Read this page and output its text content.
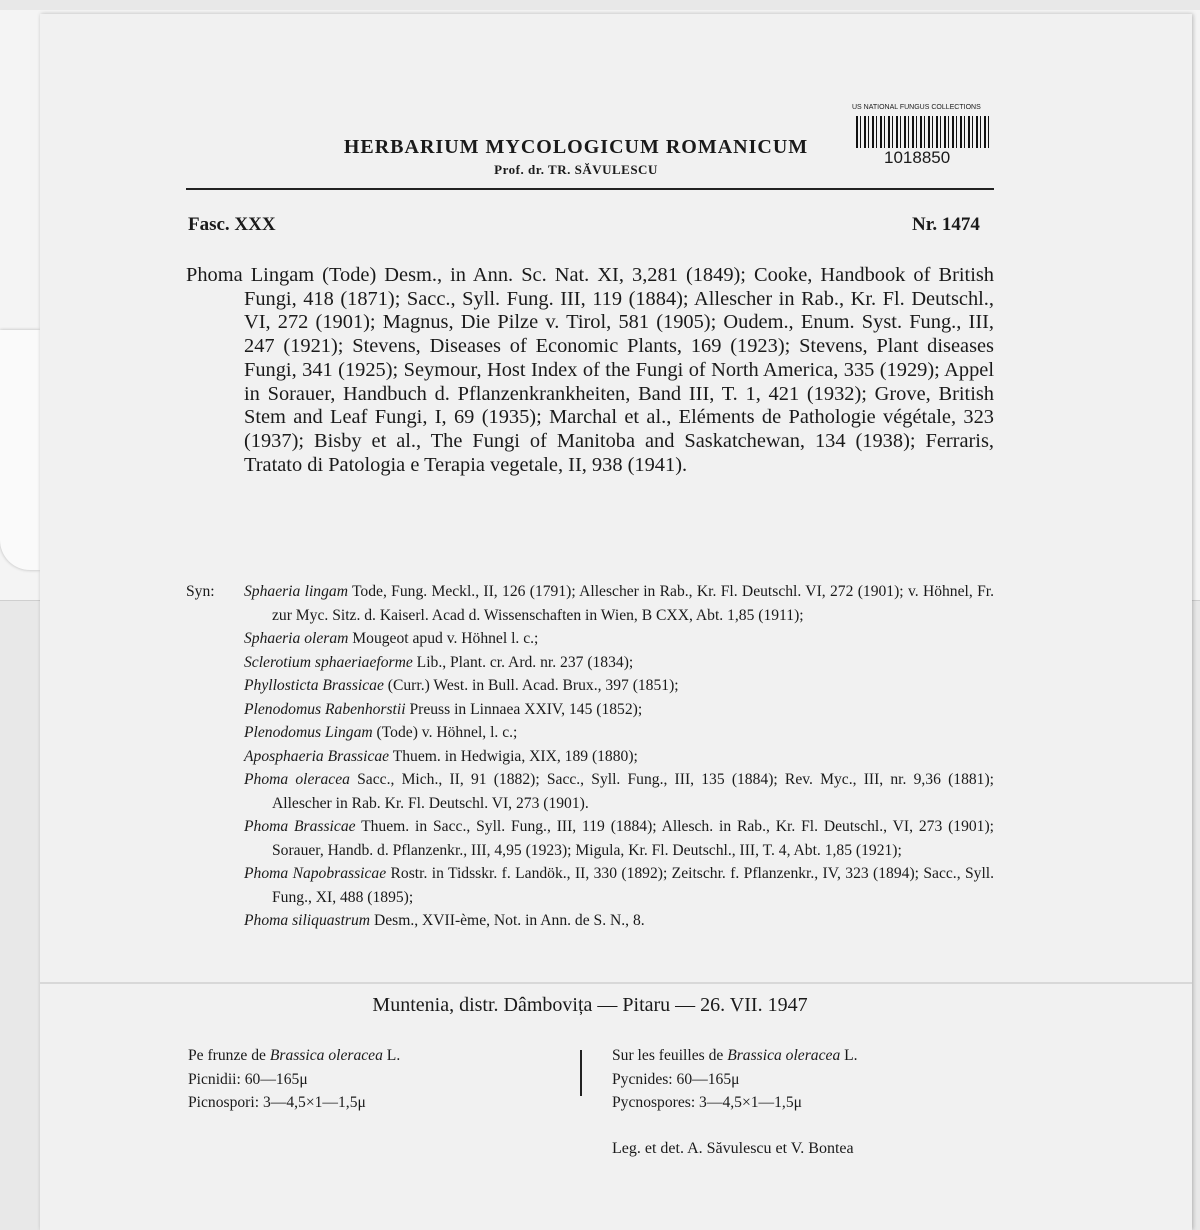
HERBARIUM MYCOLOGICUM ROMANICUM
Prof. dr. TR. SĂVULESCU
US NATIONAL FUNGUS COLLECTIONS
1018850
Fasc. XXX	Nr. 1474
Phoma Lingam (Tode) Desm., in Ann. Sc. Nat. XI, 3,281 (1849); Cooke, Handbook of British Fungi, 418 (1871); Sacc., Syll. Fung. III, 119 (1884); Allescher in Rab., Kr. Fl. Deutschl., VI, 272 (1901); Magnus, Die Pilze v. Tirol, 581 (1905); Oudem., Enum. Syst. Fung., III, 247 (1921); Stevens, Diseases of Economic Plants, 169 (1923); Stevens, Plant diseases Fungi, 341 (1925); Seymour, Host Index of the Fungi of North America, 335 (1929); Appel in Sorauer, Handbuch d. Pflanzenkrankheiten, Band III, T. 1, 421 (1932); Grove, British Stem and Leaf Fungi, I, 69 (1935); Marchal et al., Eléments de Pathologie végétale, 323 (1937); Bisby et al., The Fungi of Manitoba and Saskatchewan, 134 (1938); Ferraris, Tratato di Patologia e Terapia vegetale, II, 938 (1941).
Syn: Sphaeria lingam Tode, Fung. Meckl., II, 126 (1791); Allescher in Rab., Kr. Fl. Deutschl. VI, 272 (1901); v. Höhnel, Fr. zur Myc. Sitz. d. Kaiserl. Acad d. Wissenschaften in Wien, B CXX, Abt. 1,85 (1911);
Sphaeria oleram Mougeot apud v. Höhnel l. c.;
Sclerotium sphaeriaeforme Lib., Plant. cr. Ard. nr. 237 (1834);
Phyllosticta Brassicae (Curr.) West. in Bull. Acad. Brux., 397 (1851);
Plenodomus Rabenhorstii Preuss in Linnaea XXIV, 145 (1852);
Plenodomus Lingam (Tode) v. Höhnel, l. c.;
Aposphaeria Brassicae Thuem. in Hedwigia, XIX, 189 (1880);
Phoma oleracea Sacc., Mich., II, 91 (1882); Sacc., Syll. Fung., III, 135 (1884); Rev. Myc., III, nr. 9,36 (1881); Allescher in Rab. Kr. Fl. Deutschl. VI, 273 (1901).
Phoma Brassicae Thuem. in Sacc., Syll. Fung., III, 119 (1884); Allesch. in Rab., Kr. Fl. Deutschl., VI, 273 (1901); Sorauer, Handb. d. Pflanzenkr., III, 4,95 (1923); Migula, Kr. Fl. Deutschl., III, T. 4, Abt. 1,85 (1921);
Phoma Napobrassicae Rostr. in Tidsskr. f. Landök., II, 330 (1892); Zeitschr. f. Pflanzenkr., IV, 323 (1894); Sacc., Syll. Fung., XI, 488 (1895);
Phoma siliquastrum Desm., XVII-ème, Not. in Ann. de S. N., 8.
Muntenia, distr. Dâmbovița — Pitaru — 26. VII. 1947
Pe frunze de Brassica oleracea L.
Picnidii: 60—165μ
Picnospori: 3—4,5×1—1,5μ
Sur les feuilles de Brassica oleracea L.
Pycnides: 60—165μ
Pycnospores: 3—4,5×1—1,5μ
Leg. et det. A. Săvulescu et V. Bontea
